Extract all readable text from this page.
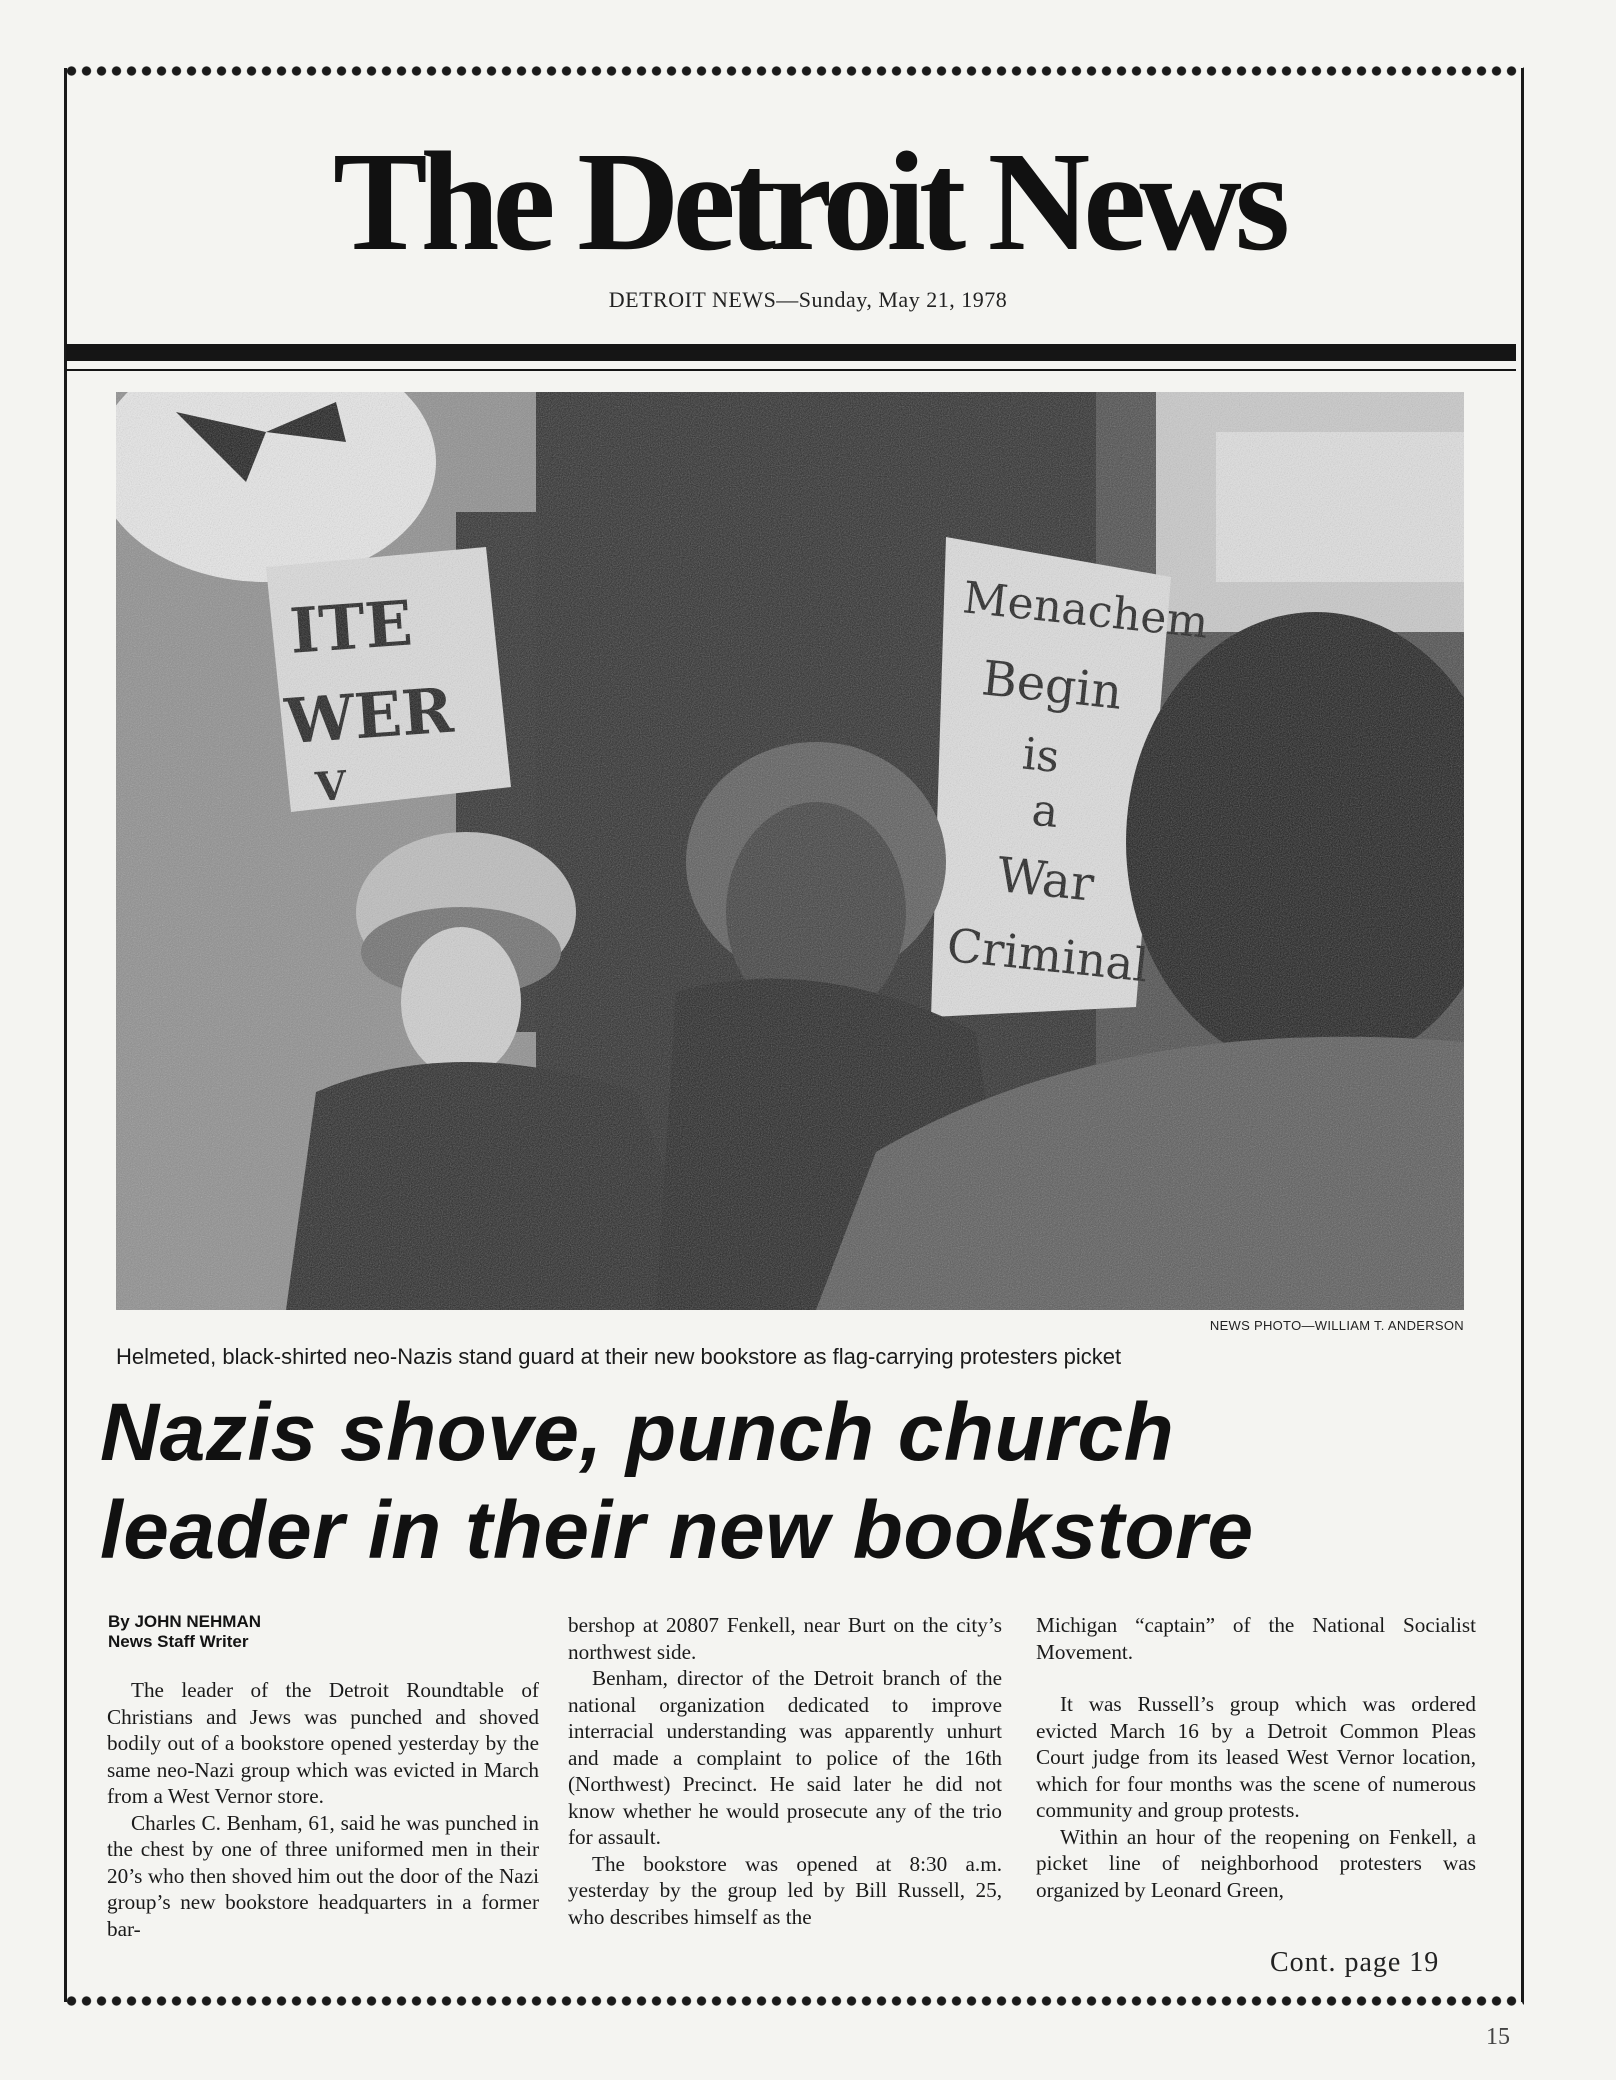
The Detroit News
DETROIT NEWS—Sunday, May 21, 1978
NEWS PHOTO—WILLIAM T. ANDERSON
Helmeted, black-shirted neo-Nazis stand guard at their new bookstore as flag-carrying protesters picket
Nazis shove, punch church
leader in their new bookstore
By JOHN NEHMAN
News Staff Writer

The leader of the Detroit Roundtable of Christians and Jews was punched and shoved bodily out of a bookstore opened yesterday by the same neo-Nazi group which was evicted in March from a West Vernor store.

Charles C. Benham, 61, said he was punched in the chest by one of three uniformed men in their 20’s who then shoved him out the door of the Nazi group’s new bookstore headquarters in a former bar-

bershop at 20807 Fenkell, near Burt on the city’s northwest side.

Benham, director of the Detroit branch of the national organization dedicated to improve interracial understanding was apparently unhurt and made a complaint to police of the 16th (Northwest) Precinct. He said later he did not know whether he would prosecute any of the trio for assault.

The bookstore was opened at 8:30 a.m. yesterday by the group led by Bill Russell, 25, who describes himself as the

Michigan “captain” of the National Socialist Movement.

It was Russell’s group which was ordered evicted March 16 by a Detroit Common Pleas Court judge from its leased West Vernor location, which for four months was the scene of numerous community and group protests.

Within an hour of the reopening on Fenkell, a picket line of neighborhood protesters was organized by Leonard Green,

Cont. page 19
15
